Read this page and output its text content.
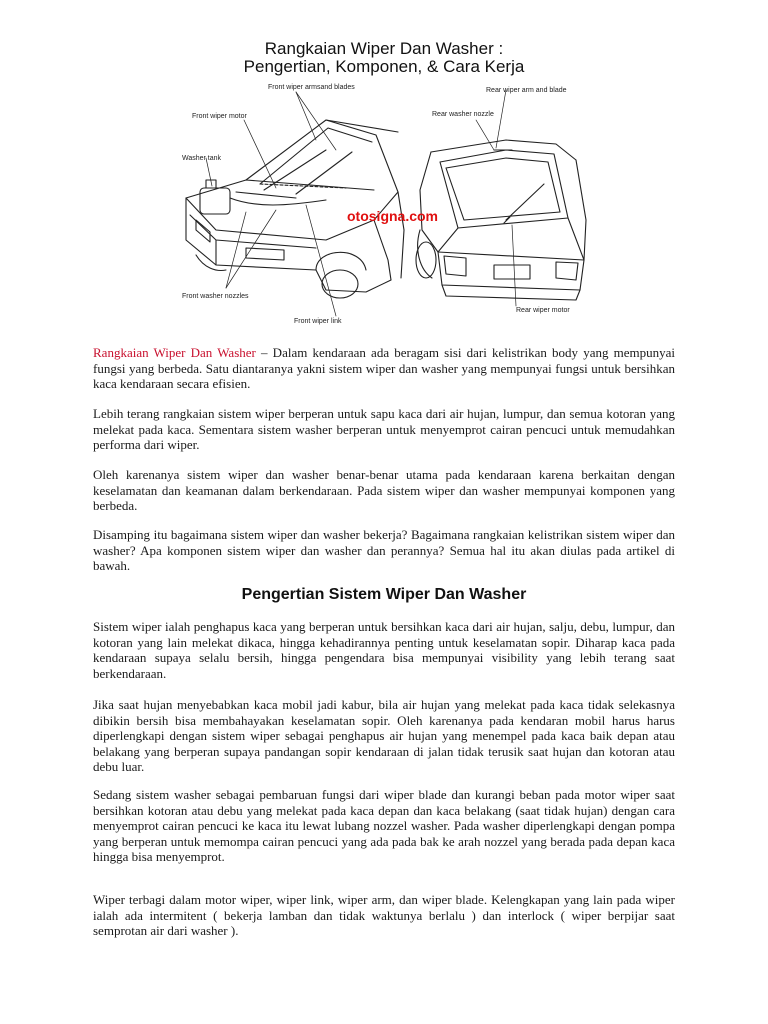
Rangkaian Wiper Dan Washer :
Pengertian, Komponen, & Cara Kerja
Front wiper armsand blades
Front wiper motor
Washer tank
Front washer nozzles
Front wiper link
Rear wiper arm and blade
Rear washer nozzle
Rear wiper motor
otosigna.com

Rangkaian Wiper Dan Washer – Dalam kendaraan ada beragam sisi dari kelistrikan body yang mempunyai fungsi yang berbeda. Satu diantaranya yakni sistem wiper dan washer yang mempunyai fungsi untuk bersihkan kaca kendaraan secara efisien.

Lebih terang rangkaian sistem wiper berperan untuk sapu kaca dari air hujan, lumpur, dan semua kotoran yang melekat pada kaca. Sementara sistem washer berperan untuk menyemprot cairan pencuci untuk memudahkan performa dari wiper.

Oleh karenanya sistem wiper dan washer benar-benar utama pada kendaraan karena berkaitan dengan keselamatan dan keamanan dalam berkendaraan. Pada sistem wiper dan washer mempunyai komponen yang berbeda.

Disamping itu bagaimana sistem wiper dan washer bekerja? Bagaimana rangkaian kelistrikan sistem wiper dan washer? Apa komponen sistem wiper dan washer dan perannya? Semua hal itu akan diulas pada artikel di bawah.

Pengertian Sistem Wiper Dan Washer

Sistem wiper ialah penghapus kaca yang berperan untuk bersihkan kaca dari air hujan, salju, debu, lumpur, dan kotoran yang lain melekat dikaca, hingga kehadirannya penting untuk keselamatan sopir. Diharap kaca pada kendaraan supaya selalu bersih, hingga pengendara bisa mempunyai visibility yang lebih terang saat berkendaraan.

Jika saat hujan menyebabkan kaca mobil jadi kabur, bila air hujan yang melekat pada kaca tidak selekasnya dibikin bersih bisa membahayakan keselamatan sopir. Oleh karenanya pada kendaran mobil harus harus diperlengkapi dengan sistem wiper sebagai penghapus air hujan yang menempel pada kaca baik depan atau belakang yang berperan supaya pandangan sopir kendaraan di jalan tidak terusik saat hujan dan kotoran atau debu luar.

Sedang sistem washer sebagai pembaruan fungsi dari wiper blade dan kurangi beban pada motor wiper saat bersihkan kotoran atau debu yang melekat pada kaca depan dan kaca belakang (saat tidak hujan) dengan cara menyemprot cairan pencuci ke kaca itu lewat lubang nozzel washer. Pada washer diperlengkapi dengan pompa yang berperan untuk memompa cairan pencuci yang ada pada bak ke arah nozzel yang berada pada depan kaca hingga bisa menyemprot.

Wiper terbagi dalam motor wiper, wiper link, wiper arm, dan wiper blade. Kelengkapan yang lain pada wiper ialah ada intermitent ( bekerja lamban dan tidak waktunya berlalu ) dan interlock ( wiper berpijar saat semprotan air dari washer ).
